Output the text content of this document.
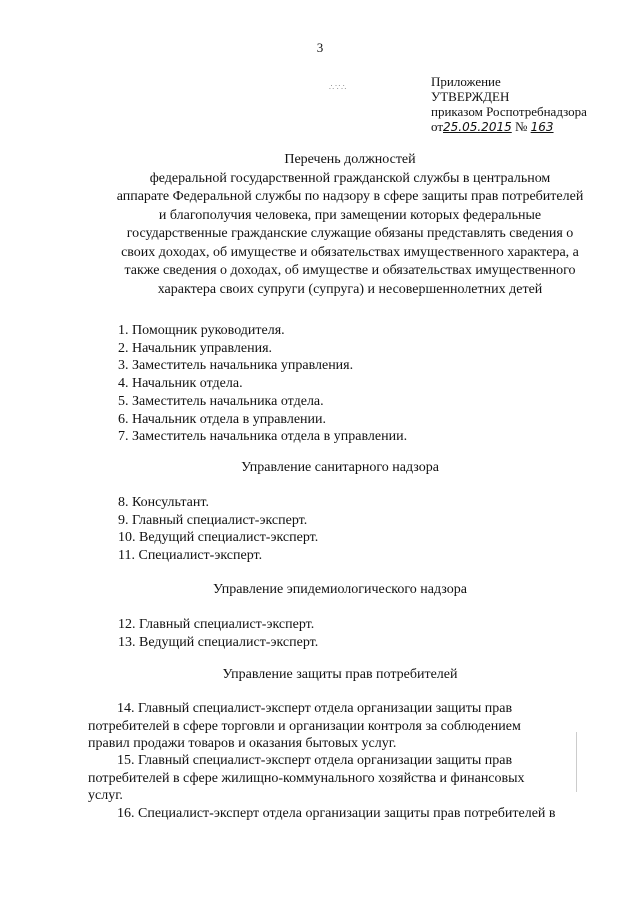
3
∴∵∴	Приложение
УТВЕРЖДЕН
приказом Роспотребнадзора
от25.05.2015 № 163
Перечень должностей
федеральной государственной гражданской службы в центральном
аппарате Федеральной службы по надзору в сфере защиты прав потребителей
и благополучия человека, при замещении которых федеральные
государственные гражданские служащие обязаны представлять сведения о
своих доходах, об имуществе и обязательствах имущественного характера, а
также сведения о доходах, об имуществе и обязательствах имущественного
характера своих супруги (супруга) и несовершеннолетних детей
1. Помощник руководителя.
2. Начальник управления.
3. Заместитель начальника управления.
4. Начальник отдела.
5. Заместитель начальника отдела.
6. Начальник отдела в управлении.
7. Заместитель начальника отдела в управлении.
Управление санитарного надзора
8. Консультант.
9. Главный специалист-эксперт.
10. Ведущий специалист-эксперт.
11. Специалист-эксперт.
Управление эпидемиологического надзора
12. Главный специалист-эксперт.
13. Ведущий специалист-эксперт.
Управление защиты прав потребителей
14. Главный специалист-эксперт отдела организации защиты прав
потребителей в сфере торговли и организации контроля за соблюдением
правил продажи товаров и оказания бытовых услуг.
15. Главный специалист-эксперт отдела организации защиты прав
потребителей в сфере жилищно-коммунального хозяйства и финансовых
услуг.
16. Специалист-эксперт отдела организации защиты прав потребителей в
